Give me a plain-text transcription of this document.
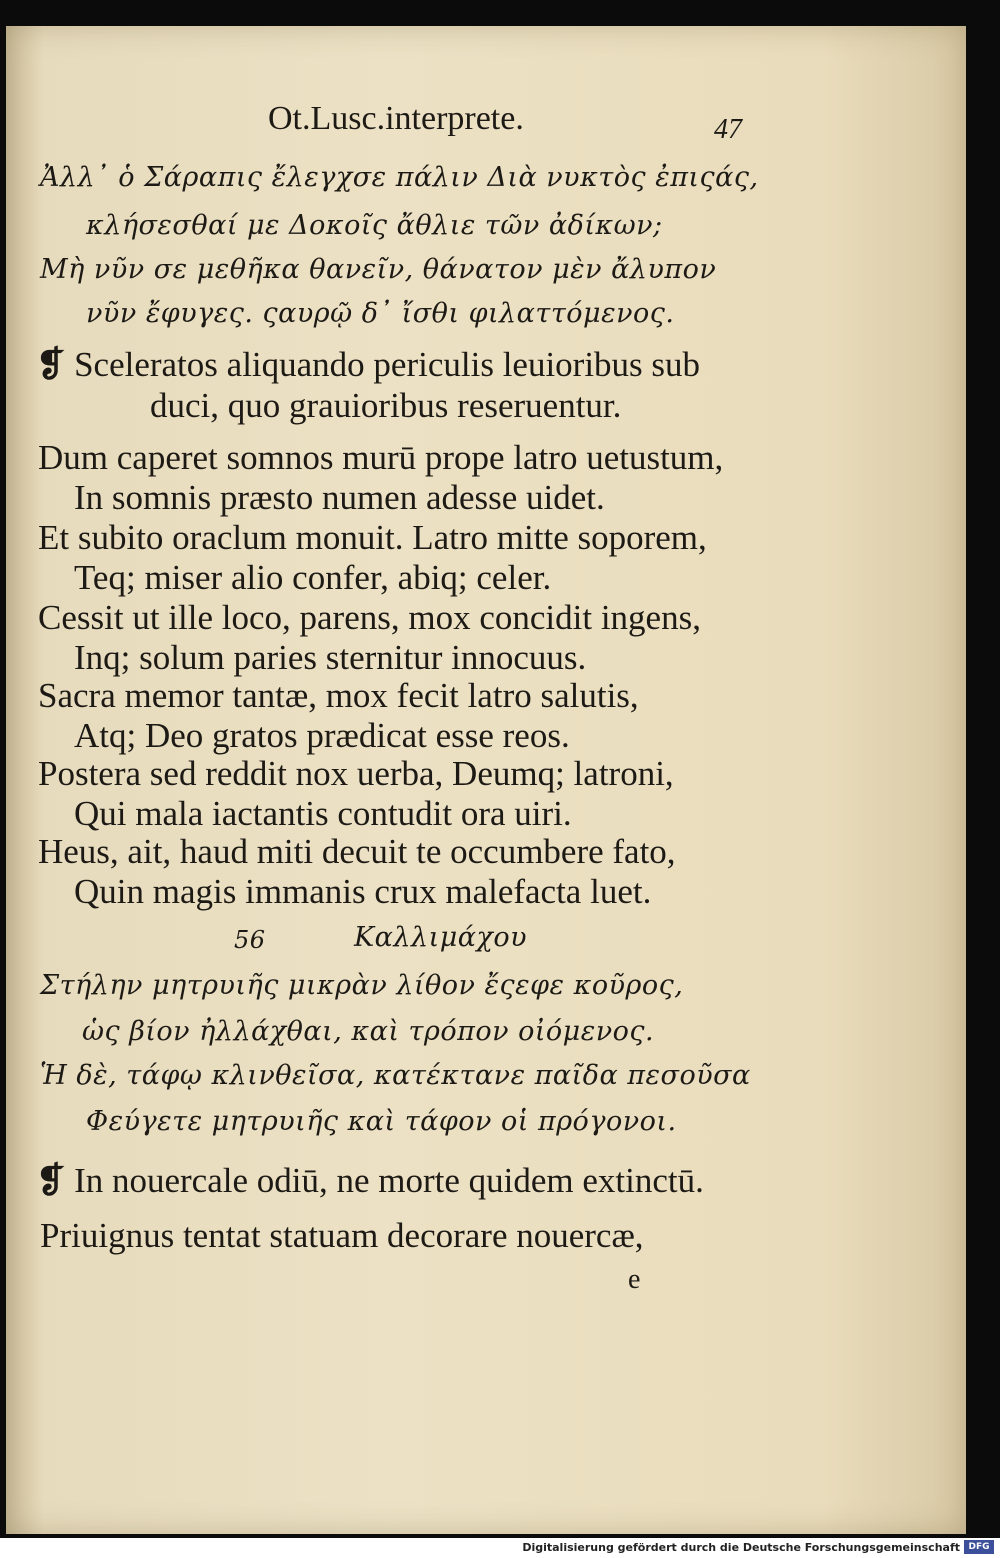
Ot.Lusc.interprete.	47
Ἀλλ᾽ ὁ Σάραπις ἔλεγχσε πάλιν Διὰ νυκτὸς ἐπιςάς,
κλήσεσθαί με Δοκοῖς ἄθλιε τῶν ἀδίκων;
Μὴ νῦν σε μεθῆκα θανεῖν, θάνατον μὲν ἄλυπον
νῦν ἔφυγες. ςαυρῷ δ᾽ ἴσθι φιλαττόμενος.
❡ Sceleratos aliquando periculis leuioribus sub
duci, quo grauioribus reseruentur.
Dum caperet somnos murū prope latro uetustum,
In somnis præsto numen adesse uidet.
Et subito oraclum monuit. Latro mitte soporem,
Teq; miser alio confer, abiq; celer.
Cessit ut ille loco, parens, mox concidit ingens,
Inq; solum paries sternitur innocuus.
Sacra memor tantæ, mox fecit latro salutis,
Atq; Deo gratos prædicat esse reos.
Postera sed reddit nox uerba, Deumq; latroni,
Qui mala iactantis contudit ora uiri.
Heus, ait, haud miti decuit te occumbere fato,
Quin magis immanis crux malefacta luet.
56	Καλλιμάχου
Στήλην μητρυιῆς μικρὰν λίθον ἔςεφε κοῦρος,
ὡς βίον ἠλλάχθαι, καὶ τρόπον οἰόμενος.
Ἡ δὲ, τάφῳ κλινθεῖσα, κατέκτανε παῖδα πεσοῦσα
Φεύγετε μητρυιῆς καὶ τάφον οἱ πρόγονοι.
❡ In nouercale odiū, ne morte quidem extinctū.
Priuignus tentat statuam decorare nouercæ,
e
Digitalisierung gefördert durch die Deutsche Forschungsgemeinschaft DFG
